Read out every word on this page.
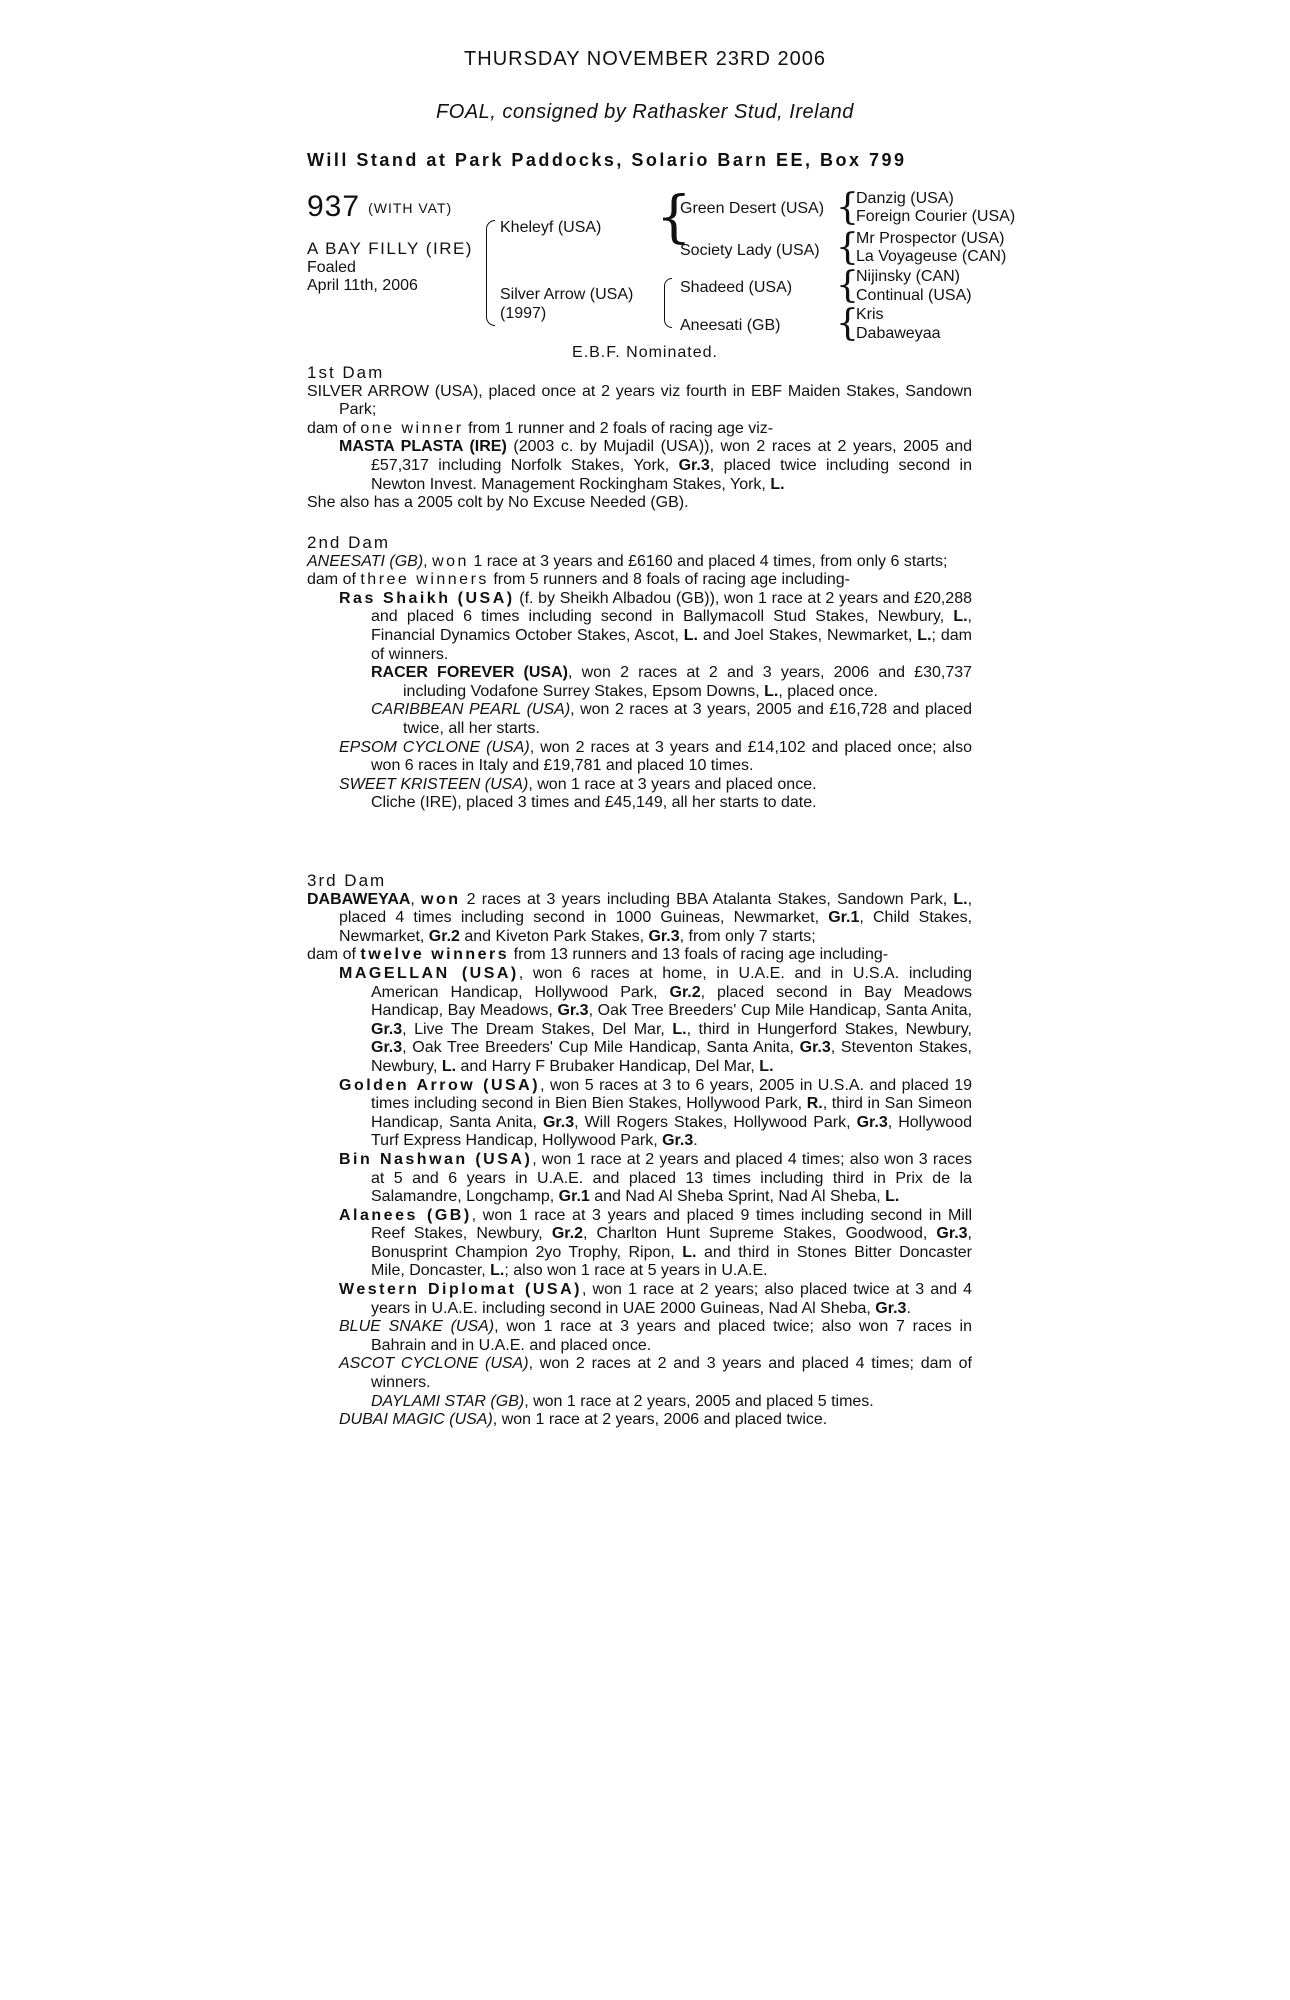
THURSDAY NOVEMBER 23RD 2006
FOAL, consigned by Rathasker Stud, Ireland
Will Stand at Park Paddocks, Solario Barn EE, Box 799
937 (WITH VAT)
A BAY FILLY (IRE)
Foaled
April 11th, 2006
Kheleyf (USA)
Silver Arrow (USA)
(1997)
{
Green Desert (USA)
Society Lady (USA)
Shadeed (USA)
Aneesati (GB)
{
Danzig (USA)
Foreign Courier (USA)
{
Mr Prospector (USA)
La Voyageuse (CAN)
{
Nijinsky (CAN)
Continual (USA)
{
Kris
Dabaweyaa
E.B.F. Nominated.

1st Dam

SILVER ARROW (USA), placed once at 2 years viz fourth in EBF Maiden Stakes, Sandown Park;

dam of one winner from 1 runner and 2 foals of racing age viz-

MASTA PLASTA (IRE) (2003 c. by Mujadil (USA)), won 2 races at 2 years, 2005 and £57,317 including Norfolk Stakes, York, Gr.3, placed twice including second in Newton Invest. Management Rockingham Stakes, York, L.

She also has a 2005 colt by No Excuse Needed (GB).

2nd Dam

ANEESATI (GB), won 1 race at 3 years and £6160 and placed 4 times, from only 6 starts;

dam of three winners from 5 runners and 8 foals of racing age including-

Ras Shaikh (USA) (f. by Sheikh Albadou (GB)), won 1 race at 2 years and £20,288 and placed 6 times including second in Ballymacoll Stud Stakes, Newbury, L., Financial Dynamics October Stakes, Ascot, L. and Joel Stakes, Newmarket, L.; dam of winners.

RACER FOREVER (USA), won 2 races at 2 and 3 years, 2006 and £30,737 including Vodafone Surrey Stakes, Epsom Downs, L., placed once.

CARIBBEAN PEARL (USA), won 2 races at 3 years, 2005 and £16,728 and placed twice, all her starts.

EPSOM CYCLONE (USA), won 2 races at 3 years and £14,102 and placed once; also won 6 races in Italy and £19,781 and placed 10 times.

SWEET KRISTEEN (USA), won 1 race at 3 years and placed once.

Cliche (IRE), placed 3 times and £45,149, all her starts to date.

3rd Dam

DABAWEYAA, won 2 races at 3 years including BBA Atalanta Stakes, Sandown Park, L., placed 4 times including second in 1000 Guineas, Newmarket, Gr.1, Child Stakes, Newmarket, Gr.2 and Kiveton Park Stakes, Gr.3, from only 7 starts;

dam of twelve winners from 13 runners and 13 foals of racing age including-

MAGELLAN (USA), won 6 races at home, in U.A.E. and in U.S.A. including American Handicap, Hollywood Park, Gr.2, placed second in Bay Meadows Handicap, Bay Meadows, Gr.3, Oak Tree Breeders' Cup Mile Handicap, Santa Anita, Gr.3, Live The Dream Stakes, Del Mar, L., third in Hungerford Stakes, Newbury, Gr.3, Oak Tree Breeders' Cup Mile Handicap, Santa Anita, Gr.3, Steventon Stakes, Newbury, L. and Harry F Brubaker Handicap, Del Mar, L.

Golden Arrow (USA), won 5 races at 3 to 6 years, 2005 in U.S.A. and placed 19 times including second in Bien Bien Stakes, Hollywood Park, R., third in San Simeon Handicap, Santa Anita, Gr.3, Will Rogers Stakes, Hollywood Park, Gr.3, Hollywood Turf Express Handicap, Hollywood Park, Gr.3.

Bin Nashwan (USA), won 1 race at 2 years and placed 4 times; also won 3 races at 5 and 6 years in U.A.E. and placed 13 times including third in Prix de la Salamandre, Longchamp, Gr.1 and Nad Al Sheba Sprint, Nad Al Sheba, L.

Alanees (GB), won 1 race at 3 years and placed 9 times including second in Mill Reef Stakes, Newbury, Gr.2, Charlton Hunt Supreme Stakes, Goodwood, Gr.3, Bonusprint Champion 2yo Trophy, Ripon, L. and third in Stones Bitter Doncaster Mile, Doncaster, L.; also won 1 race at 5 years in U.A.E.

Western Diplomat (USA), won 1 race at 2 years; also placed twice at 3 and 4 years in U.A.E. including second in UAE 2000 Guineas, Nad Al Sheba, Gr.3.

BLUE SNAKE (USA), won 1 race at 3 years and placed twice; also won 7 races in Bahrain and in U.A.E. and placed once.

ASCOT CYCLONE (USA), won 2 races at 2 and 3 years and placed 4 times; dam of winners.

DAYLAMI STAR (GB), won 1 race at 2 years, 2005 and placed 5 times.

DUBAI MAGIC (USA), won 1 race at 2 years, 2006 and placed twice.
